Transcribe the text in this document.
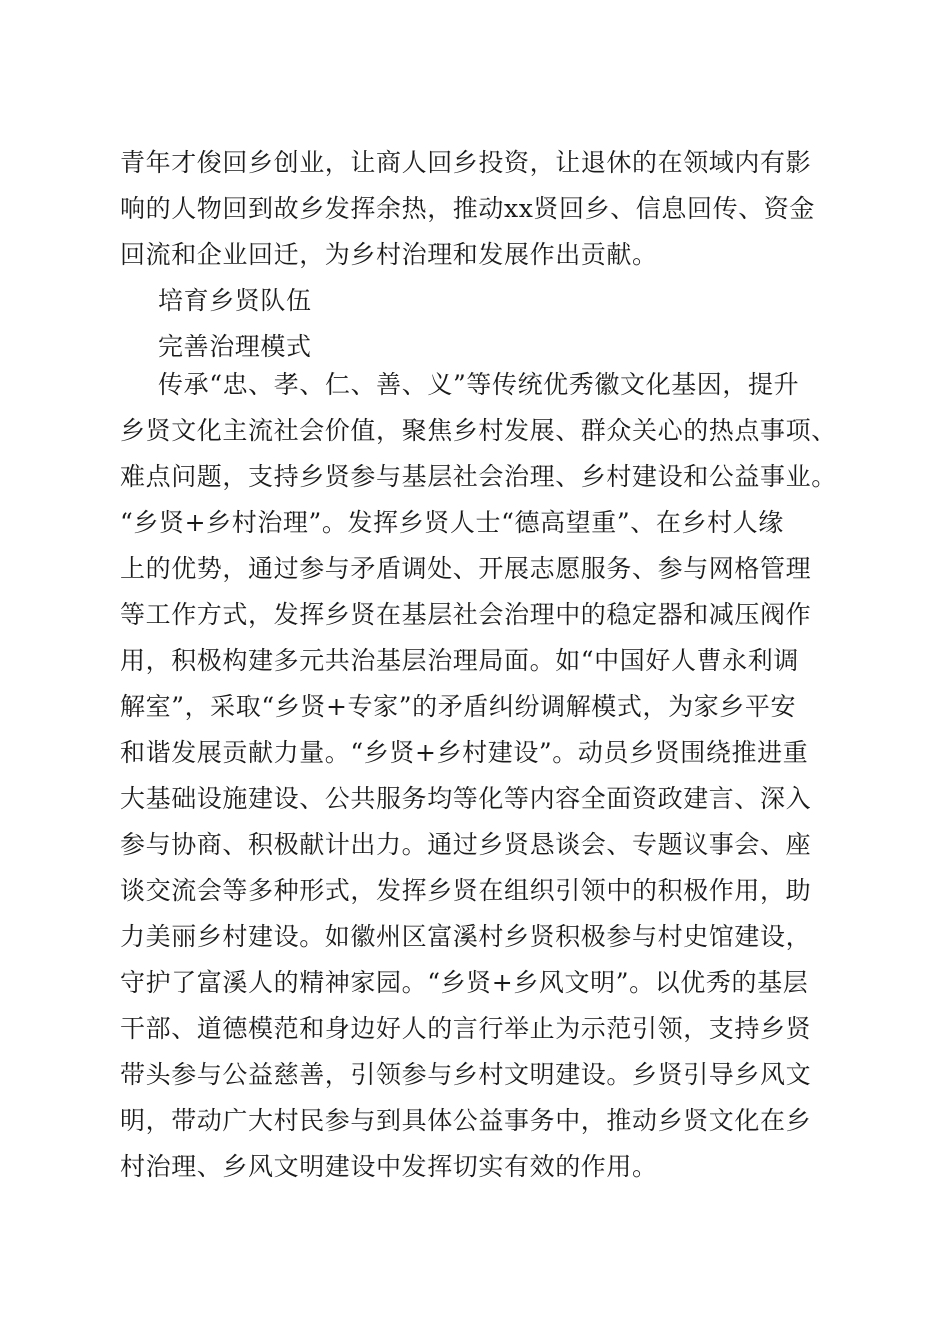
青年才俊回乡创业，让商人回乡投资，让退休的在领域内有影
响的人物回到故乡发挥余热，推动xx贤回乡、信息回传、资金
回流和企业回迁，为乡村治理和发展作出贡献。
培育乡贤队伍
完善治理模式
传承“忠、孝、仁、善、义”等传统优秀徽文化基因，提升
乡贤文化主流社会价值，聚焦乡村发展、群众关心的热点事项、
难点问题，支持乡贤参与基层社会治理、乡村建设和公益事业。
“乡贤+乡村治理”。发挥乡贤人士“德高望重”、在乡村人缘
上的优势，通过参与矛盾调处、开展志愿服务、参与网格管理
等工作方式，发挥乡贤在基层社会治理中的稳定器和减压阀作
用，积极构建多元共治基层治理局面。如“中国好人曹永利调
解室”，采取“乡贤+专家”的矛盾纠纷调解模式，为家乡平安
和谐发展贡献力量。“乡贤+乡村建设”。动员乡贤围绕推进重
大基础设施建设、公共服务均等化等内容全面资政建言、深入
参与协商、积极献计出力。通过乡贤恳谈会、专题议事会、座
谈交流会等多种形式，发挥乡贤在组织引领中的积极作用，助
力美丽乡村建设。如徽州区富溪村乡贤积极参与村史馆建设，
守护了富溪人的精神家园。“乡贤+乡风文明”。以优秀的基层
干部、道德模范和身边好人的言行举止为示范引领，支持乡贤
带头参与公益慈善，引领参与乡村文明建设。乡贤引导乡风文
明，带动广大村民参与到具体公益事务中，推动乡贤文化在乡
村治理、乡风文明建设中发挥切实有效的作用。
